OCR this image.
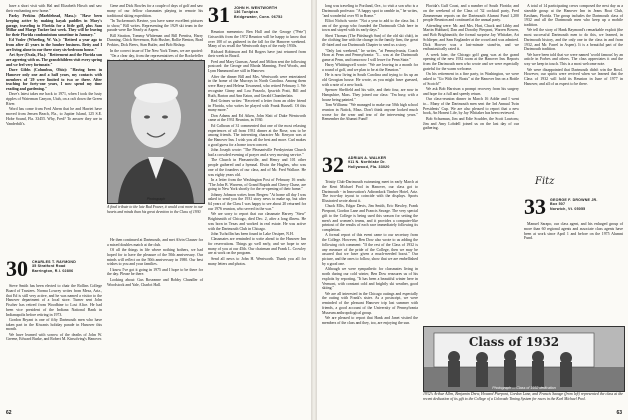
have a short visit with Hal and Elizabeth Hirsch and saw their enchanting new home."

Parky Perkins (Marblehead, Mass.): "Have been keeping active by making kayak paddles in Mary's garage, traveling to Florida for a little golf, plus Sam Millar and Marge Tucker last week. They will be leaving for their Florida condominium sometime in January."

Ed Vosler (Wheeling, W. Va.): "Retired a year ago to from after 41 years in the lumber business. Betty and I are living alone in our three story six-bedroom house."

Art Ayer (Ocala, Fla.): "Retirement and the Florida sun are agreeing with us. The grandchildren visit every spring and we feel very fortunate."

Dave Gibbs (Columbus, Ohio): "Having been in Hanover only one and a half years, my contacts with members of '29 were limited to two or three. After teaching for forty-one years, I now spend my time reading and gardening."

Dave's latest takes me back to 1971, when I took the lusty ripples of Waterman Canyon, Utah, on a raft down the Green River.

Word has come from Fred Ahern that he and Harriet have moved from Jensen Beach, Fla., to Jupiter Island, 125 S.E. Hobe Sound, Fla. 33455. Why, Fred? To answer they are in Vanderbilt's.

30 CHARLES T. RAYMOND
35 Stratford Road
Barrington, R.I. 02806

Steve Smith has been elected to chair the Rollins College Board of Trustees. Norma Lowrey writes from Mesa, Ariz., that Ed is still very active, and he was named a visitor to the Hanover department of a local store. Turner sent John Fischer has retired from Woodbine to Lost Alice. He had been vice president of the Indiana National Bank in Indianapolis before retiring in 1973.

Gordon Bryant is one of fifty Dartmouth men who have taken part in the Kiwanis holiday parade in Hanover this month.

We have learned with sorrow of the deaths of John W. Greene, Edward Burke, and Robert M. Kinsolving's Hanover.

Gene and Dick Bowles for a couple of days of golf and saw many of our fellow classmates playing in remote his traditional skiing expedition.

"In Tuckerman's Ravine, you have some excellent pictures to show," Bill writes. Representing the 1929 ski team in the parade were Ike Nearly at Aspen.

Bill Stratton, Tommy Whiteman and Bill Prentiss, Harry Dunning, Chick Stevenson, Bob Husher, Rollie Benton, Brad Perkins, Dick Beers, Stan Butler, and Bob Bishop.

In the correct issue of The New York Times, we are quoted:

"On a clear day, from the representatives of the Rockefeller

Photograph
A final tribute to the late Bud Frazer, it would cost more to our hearts and minds than his great devotion to the Class of 1930.

He then continued at Dartmouth, and met Alvin Clauser for a mixed doubles match at the club.

Of all the things in life where nothing bothers, we had hoped for to have the pleasure of the 50th anniversary. Our minds will reflect on the 50th anniversary in 1980. Our best wishes to you and your families.

I know I've got it going in 1975 and I hope to be there for the day. Please be there.

Looking about: Gus Roseanne and Bobby Chandler of Woodstock and Yale, Charlot Hall.

31 JOHN H. WENTWORTH
136 Tunipica
Bridgewater, Conn. 06752

Reunion mementos: Ben Hall and the George ("Pete") Griswolds from the 1972 Reunion will be happy to know that over 100 of us gathered in the fall for the Hanover weekend. Many of us recall the Wentworth days of the early 1930s.

Richard Robinson and Ed Rogers have just returned from their week in Brazil.

Fred and Mary Gunson, Ansel and Milton sent the following postcard: the George and Rhoda Manning, Fred Woods, and Lynn Hammond are still in Hanover.

After the dinner Bill and Mrs. Wentworth were entertained in the home of the Murrays in North Carolina. Among them were Harry and Helena Townsend, who retired February 1. We recognize Ginny and Lou Pozzolo, Ipswich Pratt, Bill and Ruth, Barton and Ann Eaton, and Gerald Chamberlain.

Red Grimes writes: "Received a letter from an older friend in Florida, who writes he played with Frank Russell. Of this many more."

Don Adams and Ed Aiken, John Slatt of Duke Wentworth came at the 1931 Reunion, in 1930.

Ed Calhoun of 31 commented that one of the most relaxing experiences of all from 1931 dinner at the Rose, was to be among friends. The interesting character Mr. Kenyon was at the Hanover Inn. I wish you all the best and more. Carl makes a good guess for a home town concert.

John Joseph wrote: "The Pleasantville Presbyterian Church had a crowded evening of prayer and a very moving service."

The Church in Pleasantville, and Henry and 101 other people gathered and a hymnal. Elwin the Hughes, who was one of the founders of our class, and of Mr. Fred Wallace. He was eighty years old.

In a letter from the Washington Post of February 16 reads: "The John B. Warrens, of Grand Rapids and Cherry Chase, are going to New York shortly for the re-opening of their home."

Johnny Johnson writes from Bergen: "At home all day I was asked to send you the 1931 story news to make up, but after 64 years of the Class I was happy to see about 20 returned for our 1976 reunion, who served in the war."

We are sorry to report that our classmate Harvey "Stew" Brightsmith of Chicago, died Dec. 2, after a long illness. He was born in Texas and worked in real estate. He was active with the Dartmouth Club in Chicago.

John Tschollin has been found in Lake Ossipee, N.H.

Classmates are reminded to write ahead to the Hanover Inn for reservations. Things go well early, and we hope to see many of you at our 45th. Our chairman and Frank L. Crowley are at work on the program.

Send all news to John H. Wentworth. Thank you all for many letters and photos.

62

long was traveling to Portland, Ore., to visit a son who is a Dartmouth professor. "A happy spot to ramble in," he writes, "and wonderful over 95 in Rome."

Elliot Nichols wrote: "Not a year to add to the class list. I am of the group who founded the Dartmouth Club here in town and stayed with its early days."

Sheri Thomas (The Pittsburgh Sun) of the old ski club), in the clothing line with the change in the family firm, the great ill-fated and our Dartmouth Chapter to send us a story.

"Only last weekend," he writes, "at Pennsylvania, Coach Horn at Penn and Pennsylvania: "I... was at the Dartmouth game at Penn, and tomorrow I will leave for Penn State."

Harry Whittingwell wrote: "We are leaving in a month for a round of golf, and we plan to be at the Reunion."

He is now living in South Carolina and trying to fix up an old Georgian house. He wrote, as you might have guessed, with a note of a new book.

Spencer Sheffield and his wife, and their four, are now in Hampshire, Mass. They joined our class: "I'm busy, with a house being painted."

Tom Williams: "We managed to make our 50th high school reunion in Natick, Mass. Don't think anyone looked much worse for the wear and tear of the intervening years." Remember the Alumni Fund!

32 ADRIAN A. WALKER
911 N. Northlake Dr.
Hollywood, Fla. 33020

Trinity Club-Dartmouth swimming meet in early March at the Kent Michael Pool in Hanover, our class got to Dartmouth - in Innovation's Adirondack Timber Hotel, Ariz. The two-day tryout to coincide with the displays. Sports Illustrated wrote about it.

Chuck Ellis, Edgar Davis, Jim Smith, Eric Hawley, Frank Pierpont, Gordon Lane and Francis Savage. The very special gift to the College is being used this season for setting the men's and women's teams, and it provides a computer-like printout of the results of each race immediately following its completion.

A formal report of this event came to our secretary from the College. However, Ben Dow also wrote to us adding the following rich comment: "If the rest of the Class of 1932 is any measure of the pride of the College, then we may be assured that we have given a much-needed boost." Our picture, and the ones to follow, show that we are embellished by a good one.

Although we were sympathetic for classmates living in north during our cold winter, Ben Dow reassures us of his exploits by reporting, "It has been a beautiful winter here in Vermont, with constant cold and brightly ski weather, good skiing."

We are all interested in the Chicago outings and especially the outing with Frank's sister. As a postscript, we were reminded of the pleasant Hanover trip last summer with friends, a good account of the University of Pennsylvania Museum anthropological group.

We are pleased to report that Hank and Janet visited the members of the class and they, too, are enjoying the sun.

Florida's Gulf Coast, and a number of South Florida; and on the weekend of the Class of '32 cocktail party, Fred Zimmerman reports on the Dartmouth Alumni Fund 1,200 people Reunion and continued at the annual party.

Attending were: Mr. and Mrs. Hart, Chuck and Libby and Martin Hubbard, Dan and Dorothy Pierpont, Warren Bowen, and Bob Brightsmith; the formal surprise Jay Whitaker, Art Schlieper, and Sam Englander at the crowd and was admired. Dick Hoover was a last-minute stand-in, and we enthusiastically rated it.

A week later, the Chicago golf gang was at the grand opening of the new 1932 room at the Hanover Inn. Reports from the Dartmouth men who wrote and we were especially grateful for the warm welcome.

On his retirement in a fine party, in Washington, we were asked to "Go With the Boats" at the Hanover Inn on a Bottle of Scotch!"

We ask Bob Harrison a prompt recovery from his surgery and hope for a full and speedy return.

Our class-reunion dinner in March 16 Addie and I went to... Many of the Dartmouth men sent the 3rd Annual Twin Presidents' Cup. We are also pleased to report that a new book, An Honest Life, by Jay Whitaker has been reviewed.

Bob Schurman, Jim and Edie Scudder, the Scott Lawtons; Jim and Amy Lobdell joined us on the last day of our gathering.

A total of 14 participating crews composed the next day as a sizeable group at the Hanover Inn in Jeans Boat Club, Eastham, Florida. The group includes the Dartmouth class of 1932 and all the Dartmouth men who keep up a mobile tradition.

We tell the story of Hank Raymond's remarkable exploit (the most successful Dartmouth men to do this, we learned, in Dartmouth history, and the only one in the class in and from 1932, and Mr. Farrel in Aspen). It is a beautiful part of the Dartmouth tradition.

We have been told that we were named 'world famous' by an article in Forbes and others. The class appreciates it and the way we keep in touch. This is a most welcome note.

We were disappointed that Dartmouth didn't win the Bowl. However, our spirits were revived when we learned that the Class of 1932 will hold its Reunion in June of 1977 in Hanover, and all of us expect to be there.

Fitz
33 GEORGE F. DROWNE JR.
Box 507
Norwich, Vt. 05055

Manuel Sarapo, our class agent, and his enlarged group of more than 60 regional agents and associate class agents have been at work since April 1 and before on the 1975 Alumni Fund.

Class of 1932
Photograph — Class of 1932 dedication
1932's Arthur Allen, Benjamin Drew, Howard Pierpont, Gordon Lane, and Francis Savage (from left) represented the class at the recent dedication of its gift to the College of a Colorado Timing System for races in the Karl Michael Pool.
63
